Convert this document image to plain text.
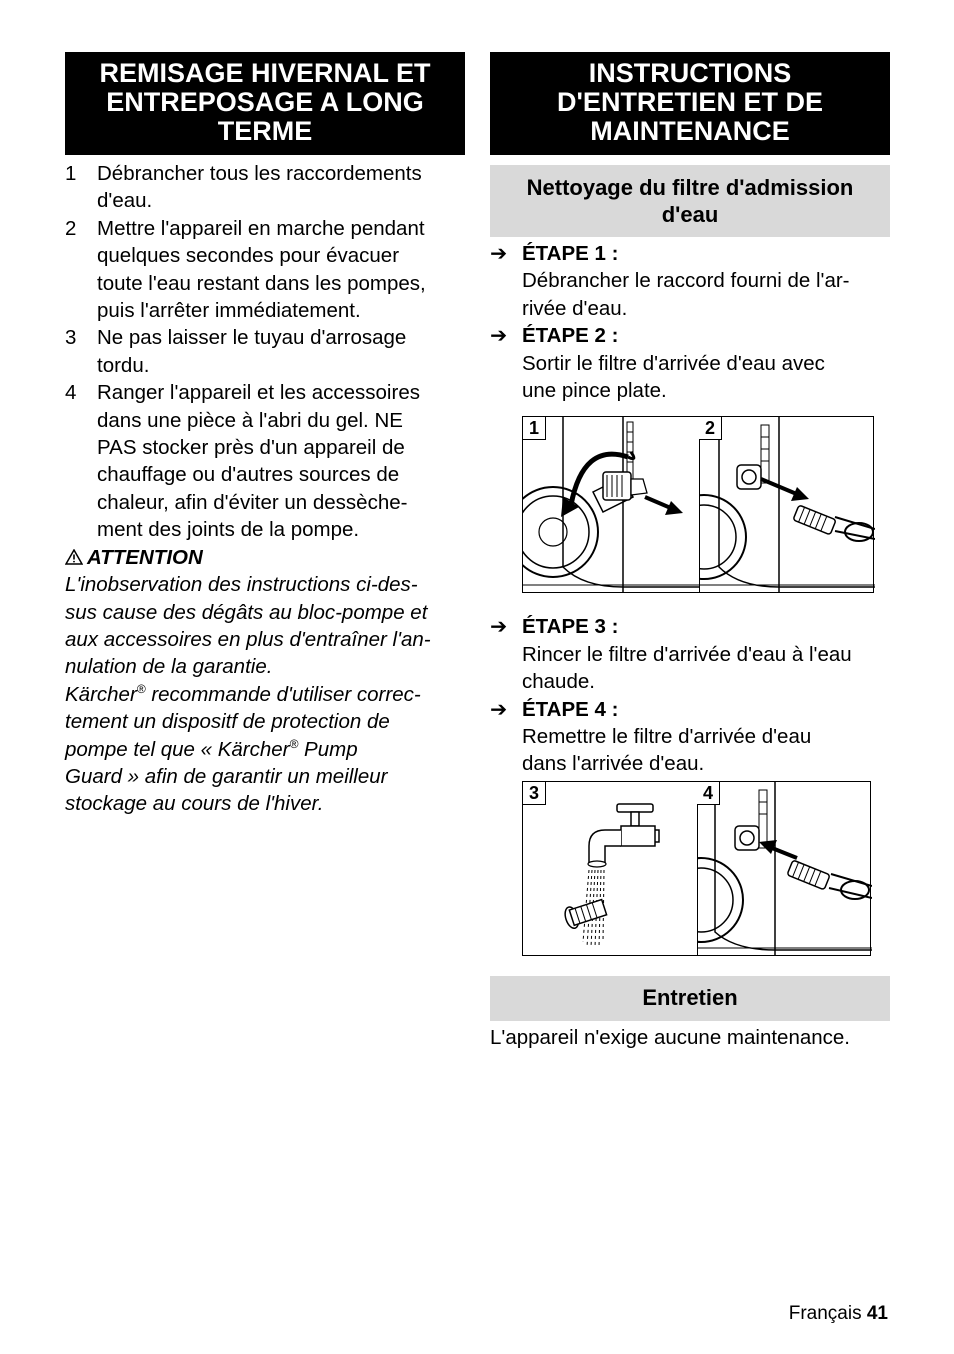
REMISAGE HIVERNAL ET
ENTREPOSAGE A LONG
TERME
1 Débrancher tous les raccordements
d'eau.
2 Mettre l'appareil en marche pendant
quelques secondes pour évacuer
toute l'eau restant dans les pompes,
puis l'arrêter immédiatement.
3 Ne pas laisser le tuyau d'arrosage
tordu.
4 Ranger l'appareil et les accessoires
dans une pièce à l'abri du gel. NE
PAS stocker près d'un appareil de
chauffage ou d'autres sources de
chaleur, afin d'éviter un dessèche-
ment des joints de la pompe.
ATTENTION
L'inobservation des instructions ci-des-
sus cause des dégâts au bloc-pompe et
aux accessoires en plus d'entraîner l'an-
nulation de la garantie.
Kärcher® recommande d'utiliser correc-
tement un dispositf de protection de
pompe tel que « Kärcher® Pump
Guard » afin de garantir un meilleur
stockage au cours de l'hiver.
INSTRUCTIONS
D'ENTRETIEN ET DE
MAINTENANCE
Nettoyage du filtre d'admission
d'eau
➔ ÉTAPE 1 :
Débrancher le raccord fourni de l'ar-
rivée d'eau.
➔ ÉTAPE 2 :
Sortir le filtre d'arrivée d'eau avec
une pince plate.
1	2
➔ ÉTAPE 3 :
Rincer le filtre d'arrivée d'eau à l'eau
chaude.
➔ ÉTAPE 4 :
Remettre le filtre d'arrivée d'eau
dans l'arrivée d'eau.
3	4
Entretien
L'appareil n'exige aucune maintenance.
Français 41
